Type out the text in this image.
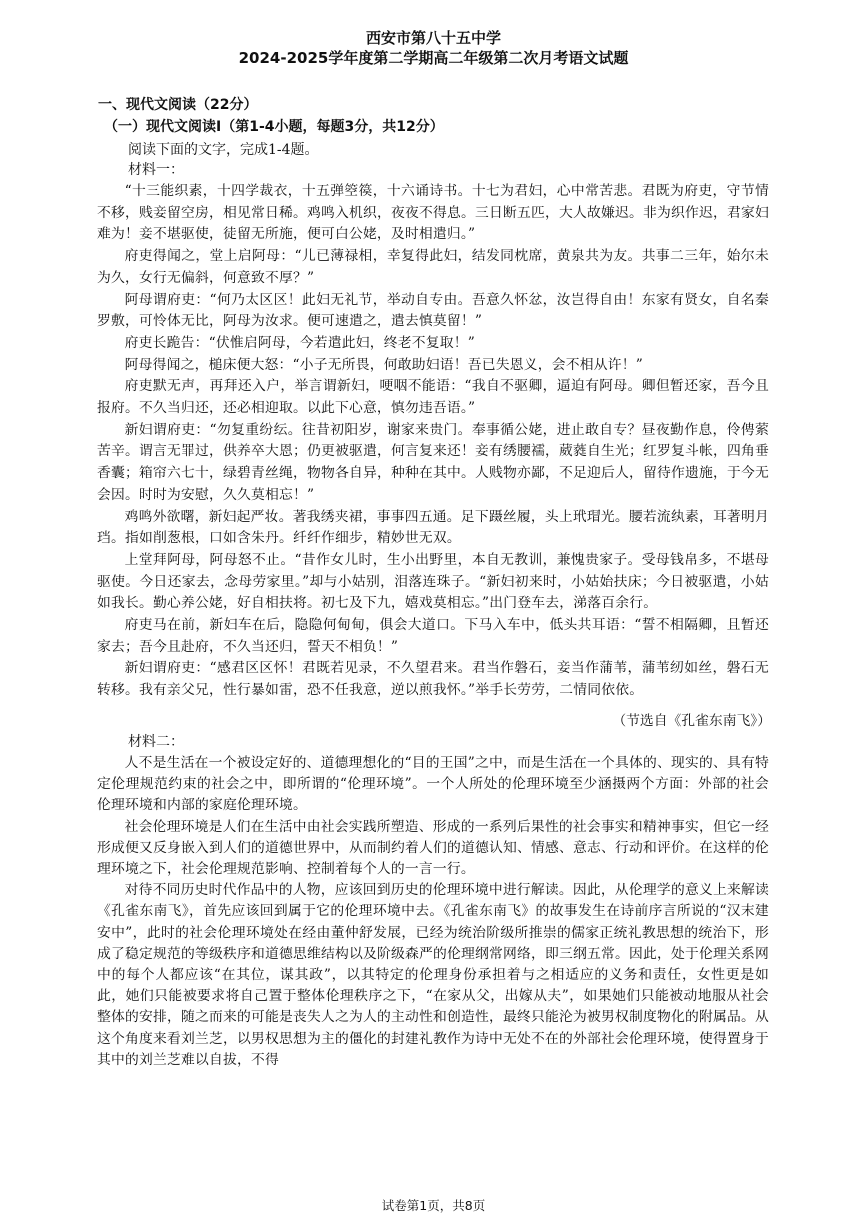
西安市第八十五中学
2024-2025学年度第二学期高二年级第二次月考语文试题
一、现代文阅读（22分）
（一）现代文阅读Ⅰ（第1-4小题，每题3分，共12分）
阅读下面的文字，完成1-4题。
材料一：

“十三能织素，十四学裁衣，十五弹箜篌，十六诵诗书。十七为君妇，心中常苦悲。君既为府吏，守节情不移，贱妾留空房，相见常日稀。鸡鸣入机织，夜夜不得息。三日断五匹，大人故嫌迟。非为织作迟，君家妇难为！妾不堪驱使，徒留无所施，便可白公姥，及时相遣归。”

府吏得闻之，堂上启阿母：“儿已薄禄相，幸复得此妇，结发同枕席，黄泉共为友。共事二三年，始尔未为久，女行无偏斜，何意致不厚？”

阿母谓府吏：“何乃太区区！此妇无礼节，举动自专由。吾意久怀忿，汝岂得自由！东家有贤女，自名秦罗敷，可怜体无比，阿母为汝求。便可速遣之，遣去慎莫留！”

府吏长跪告：“伏惟启阿母，今若遣此妇，终老不复取！”

阿母得闻之，槌床便大怒：“小子无所畏，何敢助妇语！吾已失恩义，会不相从许！”

府吏默无声，再拜还入户，举言谓新妇，哽咽不能语：“我自不驱卿，逼迫有阿母。卿但暂还家，吾今且报府。不久当归还，还必相迎取。以此下心意，慎勿违吾语。”

新妇谓府吏：“勿复重纷纭。往昔初阳岁，谢家来贵门。奉事循公姥，进止敢自专？昼夜勤作息，伶俜萦苦辛。谓言无罪过，供养卒大恩；仍更被驱遣，何言复来还！妾有绣腰襦，葳蕤自生光；红罗复斗帐，四角垂香囊；箱帘六七十，绿碧青丝绳，物物各自异，种种在其中。人贱物亦鄙，不足迎后人，留待作遗施，于今无会因。时时为安慰，久久莫相忘！”

鸡鸣外欲曙，新妇起严妆。著我绣夹裙，事事四五通。足下蹑丝履，头上玳瑁光。腰若流纨素，耳著明月珰。指如削葱根，口如含朱丹。纤纤作细步，精妙世无双。

上堂拜阿母，阿母怒不止。“昔作女儿时，生小出野里，本自无教训，兼愧贵家子。受母钱帛多，不堪母驱使。今日还家去，念母劳家里。”却与小姑别，泪落连珠子。“新妇初来时，小姑始扶床；今日被驱遣，小姑如我长。勤心养公姥，好自相扶将。初七及下九，嬉戏莫相忘。”出门登车去，涕落百余行。

府吏马在前，新妇车在后，隐隐何甸甸，俱会大道口。下马入车中，低头共耳语：“誓不相隔卿，且暂还家去；吾今且赴府，不久当还归，誓天不相负！”

新妇谓府吏：“感君区区怀！君既若见录，不久望君来。君当作磐石，妾当作蒲苇，蒲苇纫如丝，磐石无转移。我有亲父兄，性行暴如雷，恐不任我意，逆以煎我怀。”举手长劳劳，二情同依依。

（节选自《孔雀东南飞》）
材料二：

人不是生活在一个被设定好的、道德理想化的“目的王国”之中，而是生活在一个具体的、现实的、具有特定伦理规范约束的社会之中，即所谓的“伦理环境”。一个人所处的伦理环境至少涵摄两个方面：外部的社会伦理环境和内部的家庭伦理环境。

社会伦理环境是人们在生活中由社会实践所塑造、形成的一系列后果性的社会事实和精神事实，但它一经形成便又反身嵌入到人们的道德世界中，从而制约着人们的道德认知、情感、意志、行动和评价。在这样的伦理环境之下，社会伦理规范影响、控制着每个人的一言一行。

对待不同历史时代作品中的人物，应该回到历史的伦理环境中进行解读。因此，从伦理学的意义上来解读《孔雀东南飞》，首先应该回到属于它的伦理环境中去。《孔雀东南飞》的故事发生在诗前序言所说的“汉末建安中”，此时的社会伦理环境处在经由董仲舒发展，已经为统治阶级所推崇的儒家正统礼教思想的统治下，形成了稳定规范的等级秩序和道德思维结构以及阶级森严的伦理纲常网络，即三纲五常。因此，处于伦理关系网中的每个人都应该“在其位，谋其政”，以其特定的伦理身份承担着与之相适应的义务和责任，女性更是如此，她们只能被要求将自己置于整体伦理秩序之下，“在家从父，出嫁从夫”，如果她们只能被动地服从社会整体的安排，随之而来的可能是丧失人之为人的主动性和创造性，最终只能沦为被男权制度物化的附属品。从这个角度来看刘兰芝，以男权思想为主的僵化的封建礼教作为诗中无处不在的外部社会伦理环境，使得置身于其中的刘兰芝难以自拔，不得

试卷第1页，共8页
